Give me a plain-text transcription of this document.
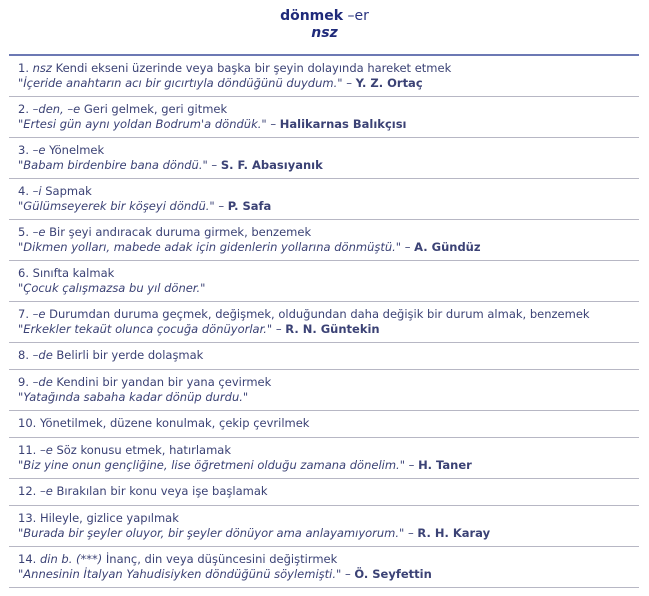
dönmek –er
nsz
1. nsz Kendi ekseni üzerinde veya başka bir şeyin dolayında hareket etmek
"İçeride anahtarın acı bir gıcırtıyla döndüğünü duydum." – Y. Z. Ortaç
2. –den, –e Geri gelmek, geri gitmek
"Ertesi gün aynı yoldan Bodrum'a döndük." – Halikarnas Balıkçısı
3. –e Yönelmek
"Babam birdenbire bana döndü." – S. F. Abasıyanık
4. –i Sapmak
"Gülümseyerek bir köşeyi döndü." – P. Safa
5. –e Bir şeyi andıracak duruma girmek, benzemek
"Dikmen yolları, mabede adak için gidenlerin yollarına dönmüştü." – A. Gündüz
6. Sınıfta kalmak
"Çocuk çalışmazsa bu yıl döner."
7. –e Durumdan duruma geçmek, değişmek, olduğundan daha değişik bir durum almak, benzemek
"Erkekler tekaüt olunca çocuğa dönüyorlar." – R. N. Güntekin
8. –de Belirli bir yerde dolaşmak
9. –de Kendini bir yandan bir yana çevirmek
"Yatağında sabaha kadar dönüp durdu."
10. Yönetilmek, düzene konulmak, çekip çevrilmek
11. –e Söz konusu etmek, hatırlamak
"Biz yine onun gençliğine, lise öğretmeni olduğu zamana dönelim." – H. Taner
12. –e Bırakılan bir konu veya işe başlamak
13. Hileyle, gizlice yapılmak
"Burada bir şeyler oluyor, bir şeyler dönüyor ama anlayamıyorum." – R. H. Karay
14. din b. (***) İnanç, din veya düşüncesini değiştirmek
"Annesinin İtalyan Yahudisiyken döndüğünü söylemişti." – Ö. Seyfettin
